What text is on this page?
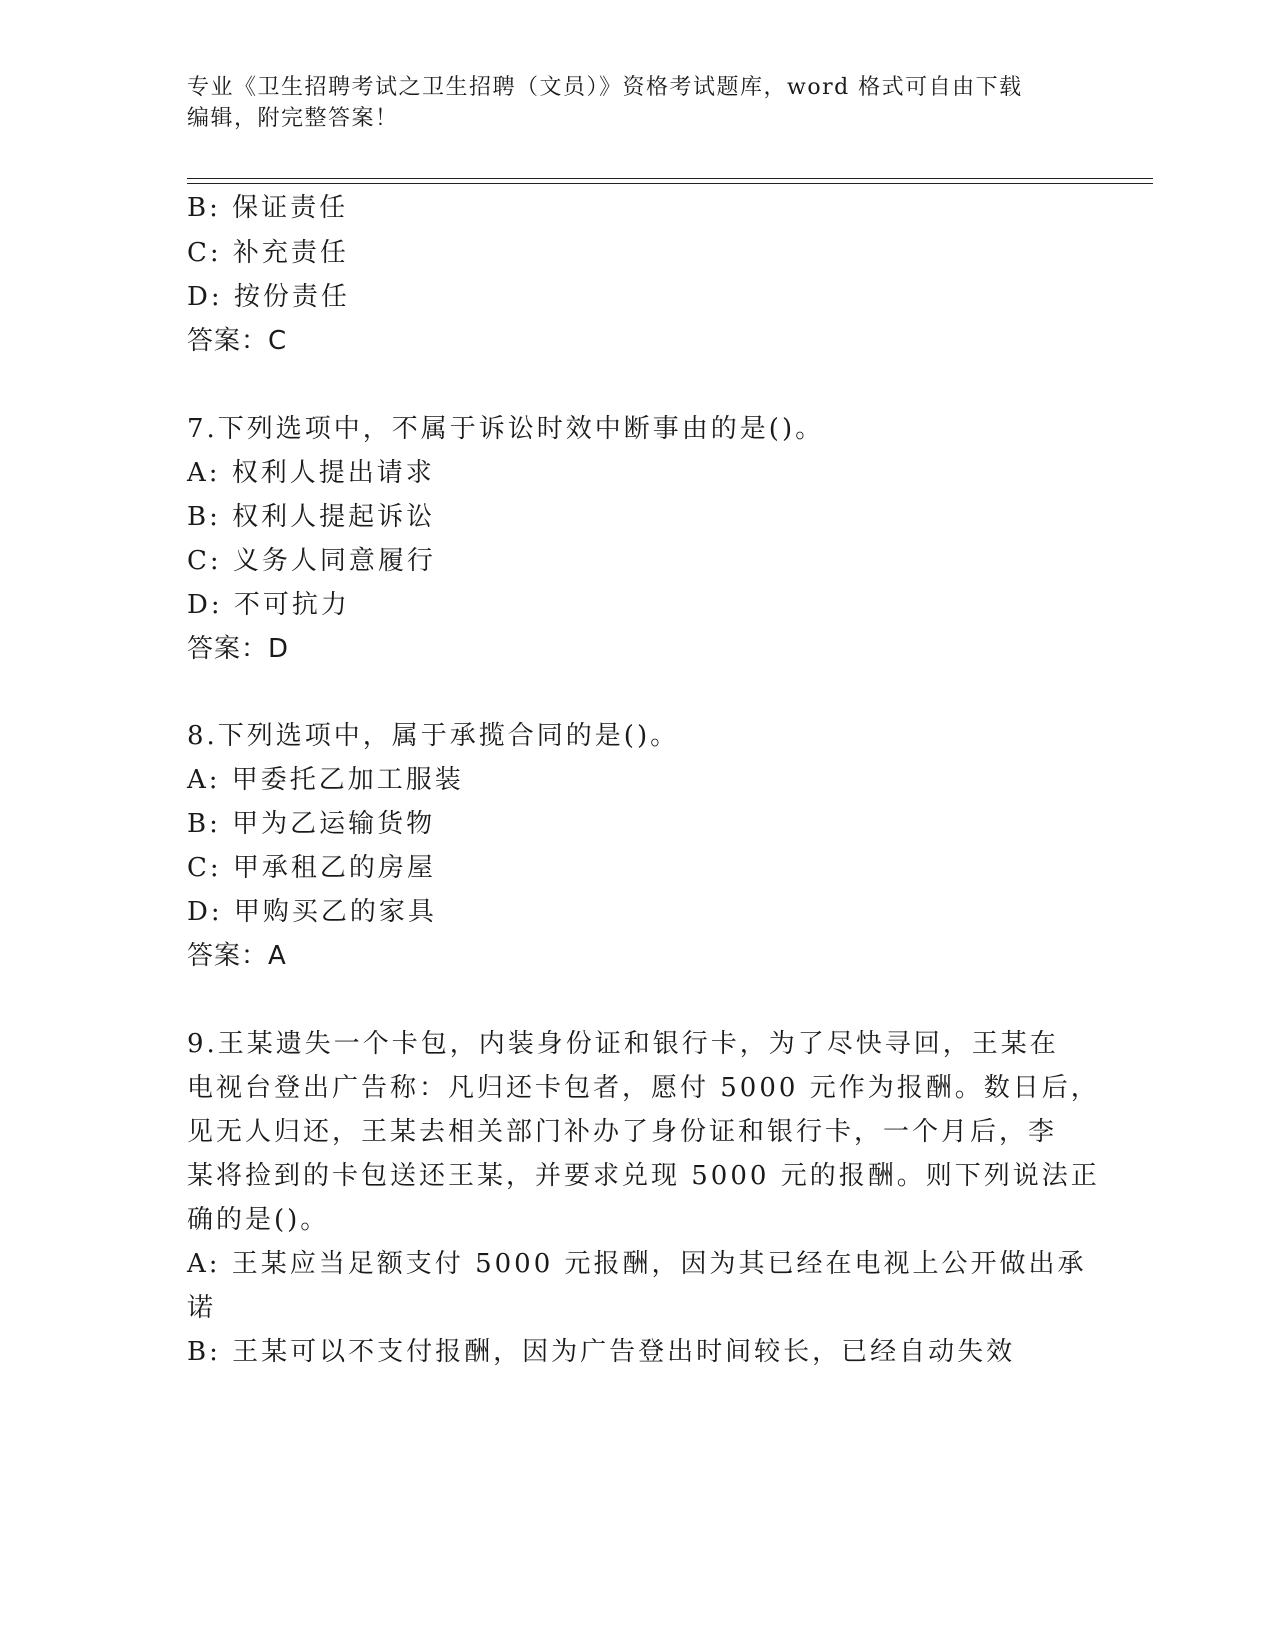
专业《卫生招聘考试之卫生招聘（文员）》资格考试题库，word 格式可自由下载
编辑，附完整答案！
B: 保证责任
C: 补充责任
D: 按份责任
答案：C
7.下列选项中，不属于诉讼时效中断事由的是()。
A: 权利人提出请求
B: 权利人提起诉讼
C: 义务人同意履行
D: 不可抗力
答案：D
8.下列选项中，属于承揽合同的是()。
A: 甲委托乙加工服装
B: 甲为乙运输货物
C: 甲承租乙的房屋
D: 甲购买乙的家具
答案：A
9.王某遗失一个卡包，内装身份证和银行卡，为了尽快寻回，王某在
电视台登出广告称：凡归还卡包者，愿付 5000 元作为报酬。数日后，
见无人归还，王某去相关部门补办了身份证和银行卡，一个月后，李
某将捡到的卡包送还王某，并要求兑现 5000 元的报酬。则下列说法正
确的是()。
A: 王某应当足额支付 5000 元报酬，因为其已经在电视上公开做出承
诺
B: 王某可以不支付报酬，因为广告登出时间较长，已经自动失效
